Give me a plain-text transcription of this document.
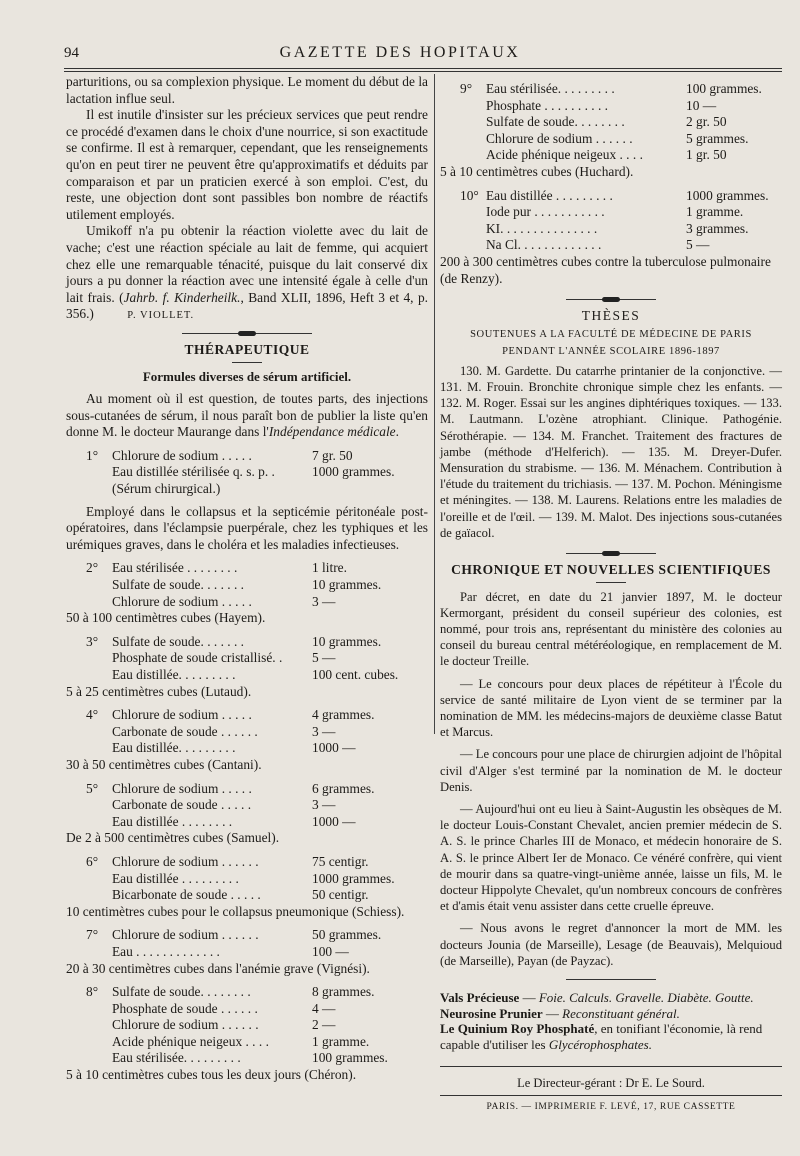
94	GAZETTE DES HOPITAUX

parturitions, ou sa complexion physique. Le moment du début de la lactation influe seul.

Il est inutile d'insister sur les précieux services que peut rendre ce procédé d'examen dans le choix d'une nourrice, si son exactitude se confirme. Il est à remarquer, cependant, que les renseignements qu'on en peut tirer ne peuvent être qu'approximatifs et déduits par comparaison et par un praticien exercé à son emploi. C'est, du reste, une objection dont sont passibles bon nombre de réactifs utilement employés.

Umikoff n'a pu obtenir la réaction violette avec du lait de vache; c'est une réaction spéciale au lait de femme, qui acquiert chez elle une remarquable ténacité, puisque du lait conservé dix jours a pu donner la réaction avec une intensité égale à celle d'un lait frais. (Jahrb. f. Kinderheilk., Band XLII, 1896, Heft 3 et 4, p. 356.)	P. VIOLLET.

THÉRAPEUTIQUE
Formules diverses de sérum artificiel.

Au moment où il est question, de toutes parts, des injections sous-cutanées de sérum, il nous paraît bon de publier la liste qu'en donne M. le docteur Maurange dans l'Indépendance médicale.

1°	Chlorure de sodium . . . . .	7 gr. 50
Eau distillée stérilisée q. s. p. .	1000 grammes.
(Sérum chirurgical.)

Employé dans le collapsus et la septicémie péritonéale post-opératoires, dans l'éclampsie puerpérale, chez les typhiques et les urémiques graves, dans le choléra et les maladies infectieuses.

2°	Eau stérilisée . . . . . . . .	1 litre.
Sulfate de soude. . . . . . .	10 grammes.
Chlorure de sodium . . . . .	3 —
50 à 100 centimètres cubes (Hayem).
3°	Sulfate de soude. . . . . . .	10 grammes.
Phosphate de soude cristallisé. .	5 —
Eau distillée. . . . . . . . .	100 cent. cubes.
5 à 25 centimètres cubes (Lutaud).
4°	Chlorure de sodium . . . . .	4 grammes.
Carbonate de soude . . . . . .	3 —
Eau distillée. . . . . . . . .	1000 —
30 à 50 centimètres cubes (Cantani).
5°	Chlorure de sodium . . . . .	6 grammes.
Carbonate de soude . . . . .	3 —
Eau distillée . . . . . . . .	1000 —
De 2 à 500 centimètres cubes (Samuel).
6°	Chlorure de sodium . . . . . .	75 centigr.
Eau distillée . . . . . . . . .	1000 grammes.
Bicarbonate de soude . . . . .	50 centigr.
10 centimètres cubes pour le collapsus pneumonique (Schiess).
7°	Chlorure de sodium . . . . . .	50 grammes.
Eau . . . . . . . . . . . . .	100 —
20 à 30 centimètres cubes dans l'anémie grave (Vignési).
8°	Sulfate de soude. . . . . . . .	8 grammes.
Phosphate de soude . . . . . .	4 —
Chlorure de sodium . . . . . .	2 —
Acide phénique neigeux . . . .	1 gramme.
Eau stérilisée. . . . . . . . .	100 grammes.
5 à 10 centimètres cubes tous les deux jours (Chéron).
9°	Eau stérilisée. . . . . . . . .	100 grammes.
Phosphate . . . . . . . . . .	10 —
Sulfate de soude. . . . . . . .	2 gr. 50
Chlorure de sodium . . . . . .	5 grammes.
Acide phénique neigeux . . . .	1 gr. 50
5 à 10 centimètres cubes (Huchard).
10° Eau distillée . . . . . . . . .	1000 grammes.
Iode pur . . . . . . . . . . .	1 gramme.
KI. . . . . . . . . . . . . . .	3 grammes.
Na Cl. . . . . . . . . . . . .	5 —
200 à 300 centimètres cubes contre la tuberculose pulmonaire (de Renzy).
THÈSES
SOUTENUES A LA FACULTÉ DE MÉDECINE DE PARIS
PENDANT L'ANNÉE SCOLAIRE 1896-1897

130. M. Gardette. Du catarrhe printanier de la conjonctive. — 131. M. Frouin. Bronchite chronique simple chez les enfants. — 132. M. Roger. Essai sur les angines diphtériques toxiques. — 133. M. Lautmann. L'ozène atrophiant. Clinique. Pathogénie. Sérothérapie. — 134. M. Franchet. Traitement des fractures de jambe (méthode d'Helferich). — 135. M. Dreyer-Dufer. Mensuration du strabisme. — 136. M. Ménachem. Contribution à l'étude du traitement du trichiasis. — 137. M. Pochon. Méningisme et méningites. — 138. M. Laurens. Relations entre les maladies de l'oreille et de l'œil. — 139. M. Malot. Des injections sous-cutanées de gaïacol.

CHRONIQUE ET NOUVELLES SCIENTIFIQUES

Par décret, en date du 21 janvier 1897, M. le docteur Kermorgant, président du conseil supérieur des colonies, est nommé, pour trois ans, représentant du ministère des colonies au conseil du bureau central météréologique, en remplacement de M. le docteur Treille.

— Le concours pour deux places de répétiteur à l'École du service de santé militaire de Lyon vient de se terminer par la nomination de MM. les médecins-majors de deuxième classe Batut et Marcus.

— Le concours pour une place de chirurgien adjoint de l'hôpital civil d'Alger s'est terminé par la nomination de M. le docteur Denis.

— Aujourd'hui ont eu lieu à Saint-Augustin les obsèques de M. le docteur Louis-Constant Chevalet, ancien premier médecin de S. A. S. le prince Charles III de Monaco, et médecin honoraire de S. A. S. le prince Albert Ier de Monaco. Ce vénéré confrère, qui vient de mourir dans sa quatre-vingt-unième année, laisse un fils, M. le docteur Hippolyte Chevalet, qu'un nombreux concours de confrères et d'amis était venu assister dans cette cruelle épreuve.

— Nous avons le regret d'annoncer la mort de MM. les docteurs Jounia (de Marseille), Lesage (de Beauvais), Melquioud (de Marseille), Payan (de Payzac).

Vals Précieuse — Foie. Calculs. Gravelle. Diabète. Goutte.

Neurosine Prunier — Reconstituant général.

Le Quinium Roy Phosphaté, en tonifiant l'économie, là rend capable d'utiliser les Glycérophosphates.

Le Directeur-gérant : Dr E. Le Sourd.
PARIS. — IMPRIMERIE F. LEVÉ, 17, RUE CASSETTE
